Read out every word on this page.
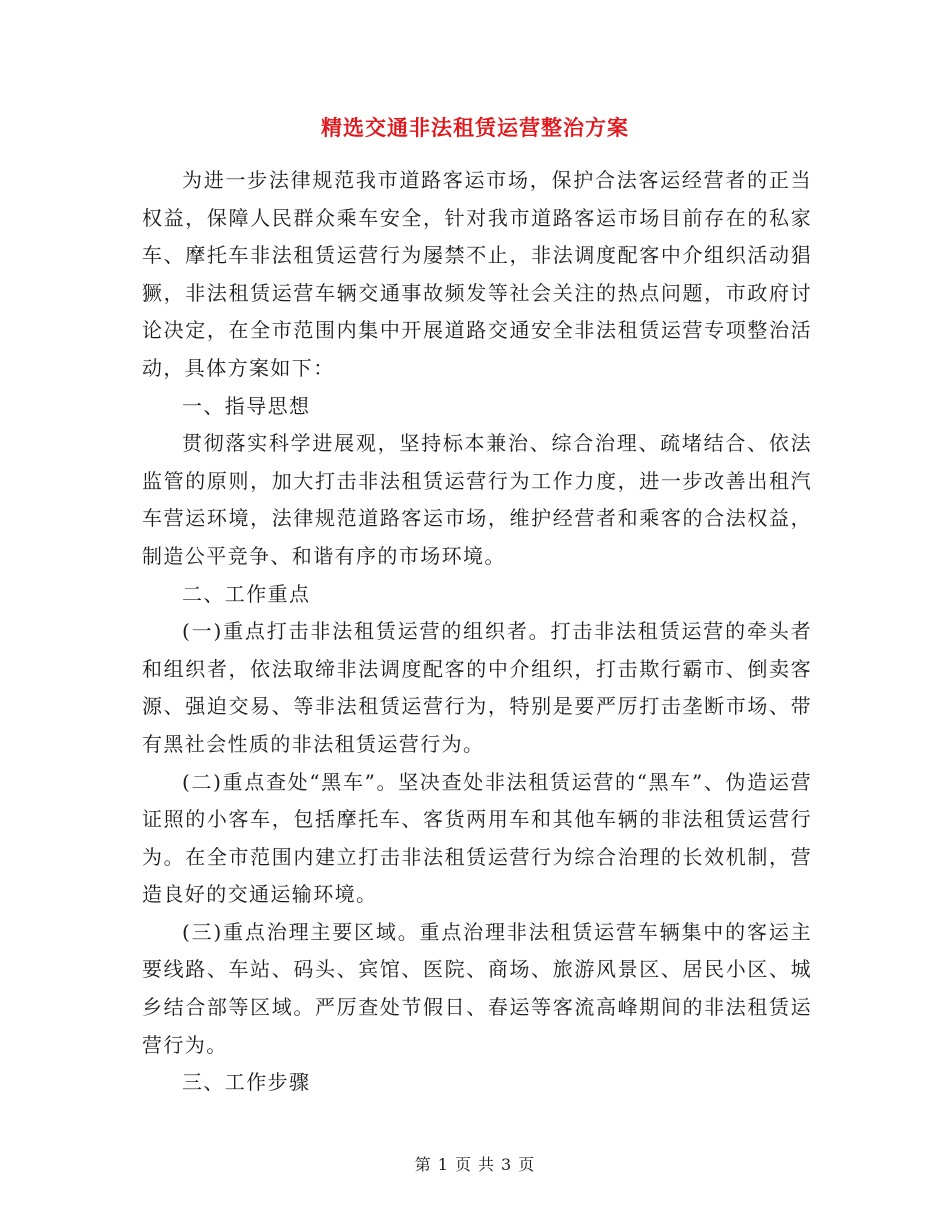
精选交通非法租赁运营整治方案

为进一步法律规范我市道路客运市场，保护合法客运经营者的正当权益，保障人民群众乘车安全，针对我市道路客运市场目前存在的私家车、摩托车非法租赁运营行为屡禁不止，非法调度配客中介组织活动猖獗，非法租赁运营车辆交通事故频发等社会关注的热点问题，市政府讨论决定，在全市范围内集中开展道路交通安全非法租赁运营专项整治活动，具体方案如下：

一、指导思想

贯彻落实科学进展观，坚持标本兼治、综合治理、疏堵结合、依法监管的原则，加大打击非法租赁运营行为工作力度，进一步改善出租汽车营运环境，法律规范道路客运市场，维护经营者和乘客的合法权益，制造公平竞争、和谐有序的市场环境。

二、工作重点

(一)重点打击非法租赁运营的组织者。打击非法租赁运营的牵头者和组织者，依法取缔非法调度配客的中介组织，打击欺行霸市、倒卖客源、强迫交易、等非法租赁运营行为，特别是要严厉打击垄断市场、带有黑社会性质的非法租赁运营行为。

(二)重点查处“黑车”。坚决查处非法租赁运营的“黑车”、伪造运营证照的小客车，包括摩托车、客货两用车和其他车辆的非法租赁运营行为。在全市范围内建立打击非法租赁运营行为综合治理的长效机制，营造良好的交通运输环境。

(三)重点治理主要区域。重点治理非法租赁运营车辆集中的客运主要线路、车站、码头、宾馆、医院、商场、旅游风景区、居民小区、城乡结合部等区域。严厉查处节假日、春运等客流高峰期间的非法租赁运营行为。

三、工作步骤

第 1 页 共 3 页
